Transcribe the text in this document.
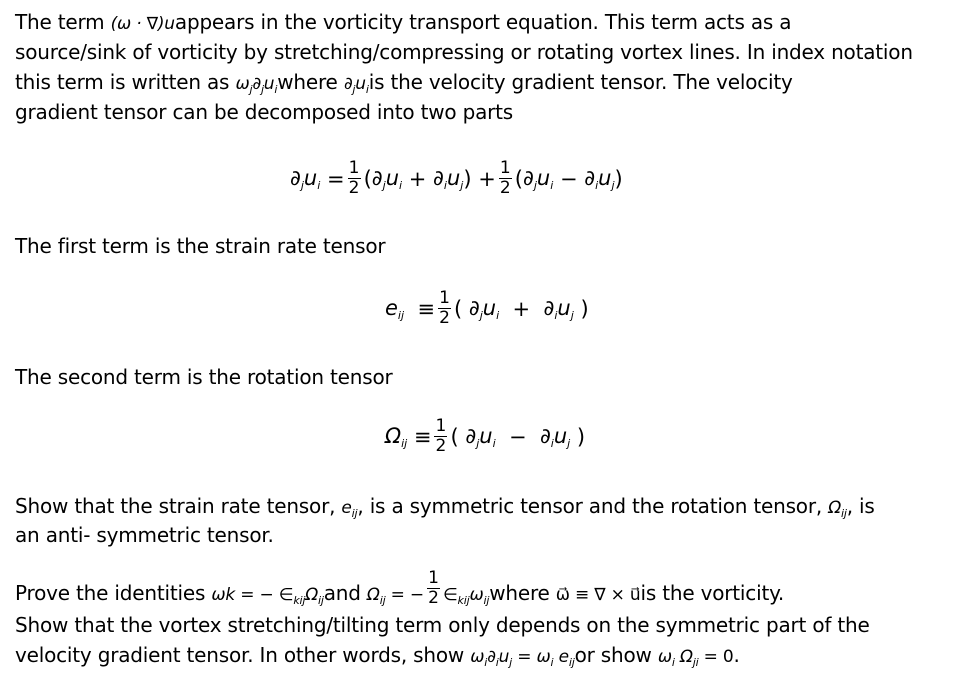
The term (ω · ∇)uappears in the vorticity transport equation. This term acts as a
source/sink of vorticity by stretching/compressing or rotating vortex lines. In index notation
this term is written as $\omega_j\partial_ju_iwhere$ $\partial_ju_iis$ the velocity gradient tensor. The velocity
gradient tensor can be decomposed into two parts
$\partial_ju_i = \frac{1}{2}$ ( $\partial_ju_i + \partial_iu_j$ ) + $\frac{1}{2}$ ( $\partial_ju_i - \partial_iu_j$ )
The first term is the strain rate tensor
$e_{ij} \equiv \frac{1}{2}$ ( $\partial_ju_i + \partial_iu_j$ )
The second term is the rotation tensor
$\Omega_{ij} \equiv \frac{1}{2}$ ( $\partial_ju_i - \partial_iu_j$ )
Show that the strain rate tensor, $e_{ij}$, is a symmetric tensor and the rotation tensor, $\Omega_{ij}$, is
an anti- symmetric tensor.
Prove the identities ωk = − $\in_{kij}\Omega_{ij}and$ $\Omega_{ij}$ = − $\frac{1}{2}$ $\in_{kij}\omega_{ij}where$ ω⃗ ≡ ∇ × u⃗is the vorticity.
Show that the vortex stretching/tilting term only depends on the symmetric part of the
velocity gradient tensor. In other words, show $\omega_i\partial_iu_j = \omega_i$ $e_{ij}or$ show $\omega_i$ $\Omega_{ji} = 0$.
